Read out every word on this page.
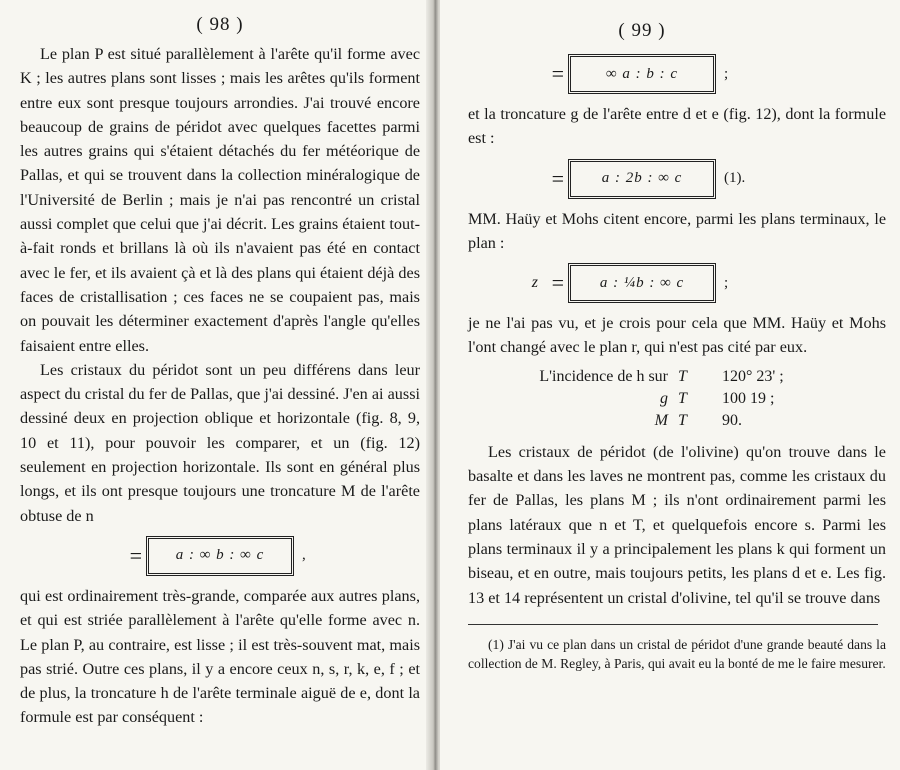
( 98 )

Le plan P est situé parallèlement à l'arête qu'il forme avec K ; les autres plans sont lisses ; mais les arêtes qu'ils forment entre eux sont presque toujours arrondies. J'ai trouvé encore beaucoup de grains de péridot avec quelques facettes parmi les autres grains qui s'étaient détachés du fer météorique de Pallas, et qui se trouvent dans la collection minéralogique de l'Université de Berlin ; mais je n'ai pas rencontré un cristal aussi complet que celui que j'ai décrit. Les grains étaient tout-à-fait ronds et brillans là où ils n'avaient pas été en contact avec le fer, et ils avaient çà et là des plans qui étaient déjà des faces de cristallisation ; ces faces ne se coupaient pas, mais on pouvait les déterminer exactement d'après l'angle qu'elles faisaient entre elles.

Les cristaux du péridot sont un peu différens dans leur aspect du cristal du fer de Pallas, que j'ai dessiné. J'en ai aussi dessiné deux en projection oblique et horizontale (fig. 8, 9, 10 et 11), pour pouvoir les comparer, et un (fig. 12) seulement en projection horizontale. Ils sont en général plus longs, et ils ont presque toujours une troncature M de l'arête obtuse de n

=	a : ∞ b : ∞ c	,

qui est ordinairement très-grande, comparée aux autres plans, et qui est striée parallèlement à l'arête qu'elle forme avec n. Le plan P, au contraire, est lisse ; il est très-souvent mat, mais pas strié. Outre ces plans, il y a encore ceux n, s, r, k, e, f ; et de plus, la troncature h de l'arête terminale aiguë de e, dont la formule est par conséquent :

( 99 )
=	∞ a : b : c	;

et la troncature g de l'arête entre d et e (fig. 12), dont la formule est :

=	a : 2b : ∞ c	(1).

MM. Haüy et Mohs citent encore, parmi les plans terminaux, le plan :

z =	a : ¼b : ∞ c	;

je ne l'ai pas vu, et je crois pour cela que MM. Haüy et Mohs l'ont changé avec le plan r, qui n'est pas cité par eux.

L'incidence de h sur T	120° 23' ;
g T	100 19 ;
M T	90.

Les cristaux de péridot (de l'olivine) qu'on trouve dans le basalte et dans les laves ne montrent pas, comme les cristaux du fer de Pallas, les plans M ; ils n'ont ordinairement parmi les plans latéraux que n et T, et quelquefois encore s. Parmi les plans terminaux il y a principalement les plans k qui forment un biseau, et en outre, mais toujours petits, les plans d et e. Les fig. 13 et 14 représentent un cristal d'olivine, tel qu'il se trouve dans

(1) J'ai vu ce plan dans un cristal de péridot d'une grande beauté dans la collection de M. Regley, à Paris, qui avait eu la bonté de me le faire mesurer.
